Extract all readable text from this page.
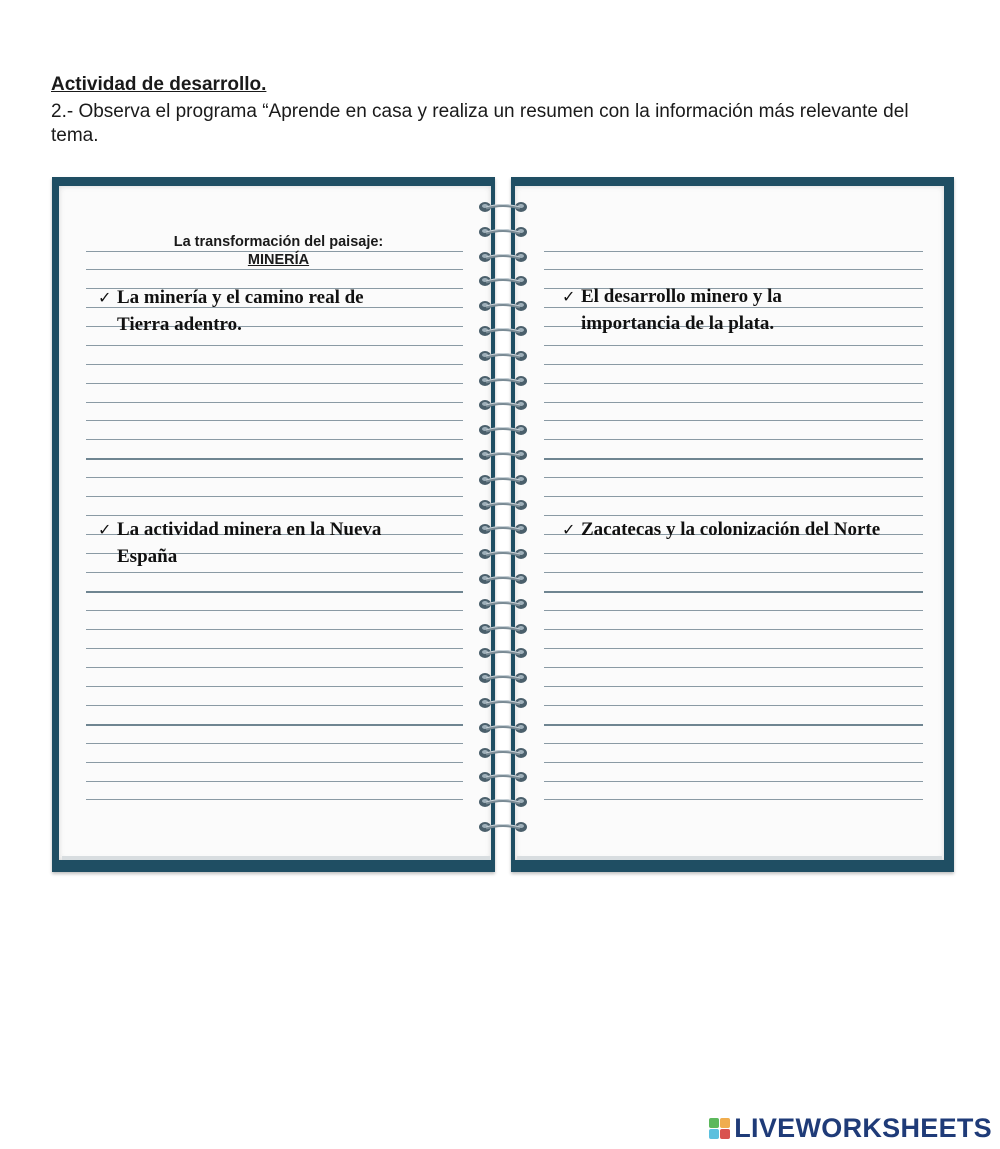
Actividad de desarrollo.
2.- Observa el programa “Aprende en casa y realiza un resumen con la información más relevante del tema.
La transformación del paisaje:
MINERÍA
✓ La minería y el camino real de
Tierra adentro.
✓ El desarrollo minero y la
importancia de la plata.
✓ La actividad minera en la Nueva
España
✓ Zacatecas y la colonización del Norte
LIVEWORKSHEETS
